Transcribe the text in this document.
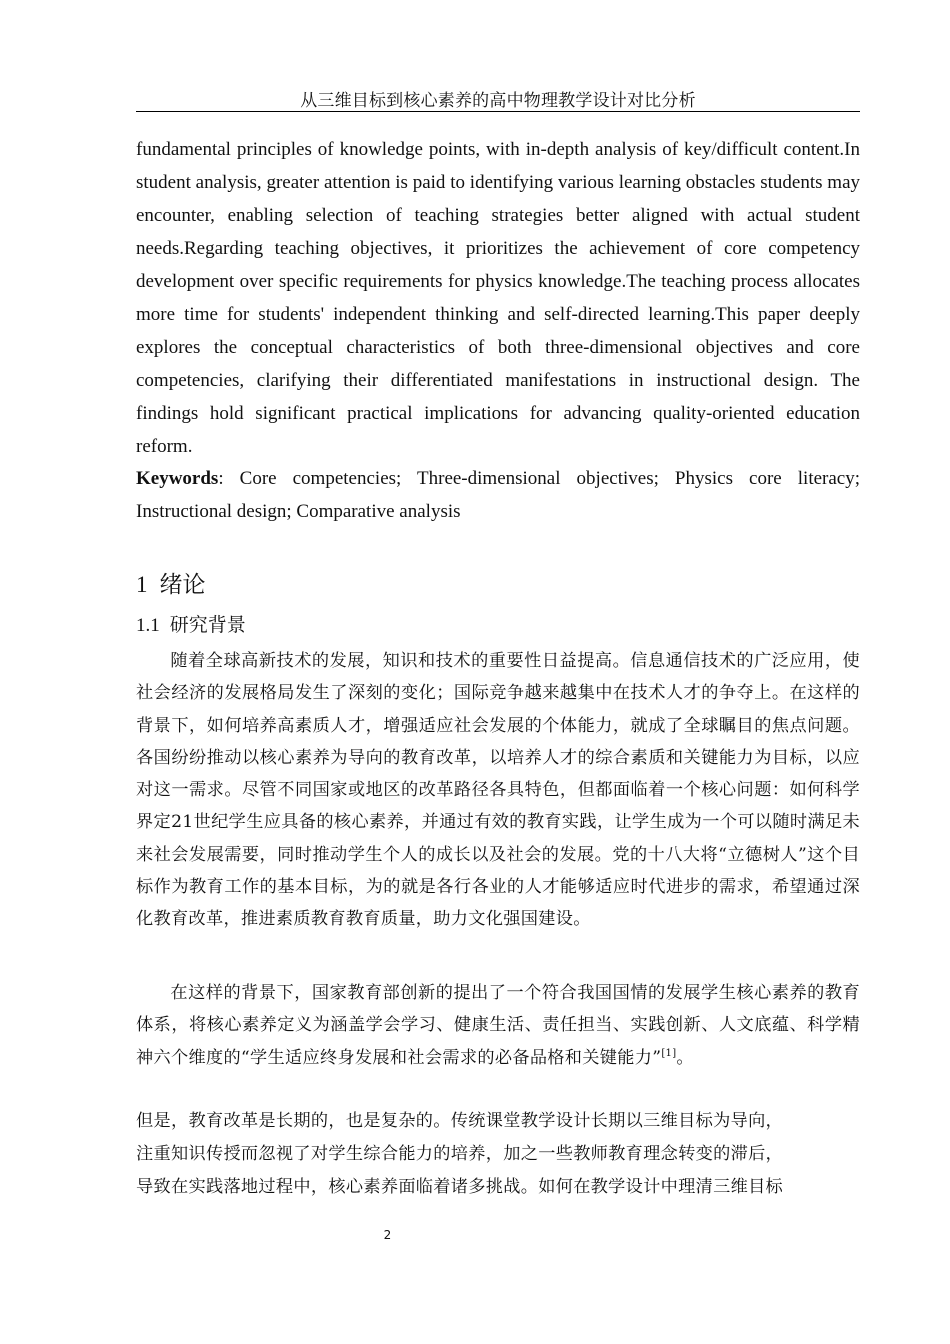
从三维目标到核心素养的高中物理教学设计对比分析

fundamental principles of knowledge points, with in-depth analysis of key/difficult content.In student analysis, greater attention is paid to identifying various learning obstacles students may encounter, enabling selection of teaching strategies better aligned with actual student needs.Regarding teaching objectives, it prioritizes the achievement of core competency development over specific requirements for physics knowledge.The teaching process allocates more time for students' independent thinking and self-directed learning.This paper deeply explores the conceptual characteristics of both three-dimensional objectives and core competencies, clarifying their differentiated manifestations in instructional design. The findings hold significant practical implications for advancing quality-oriented education reform.

Keywords: Core competencies; Three-dimensional objectives; Physics core literacy; Instructional design; Comparative analysis

1 绪论
1.1 研究背景

随着全球高新技术的发展，知识和技术的重要性日益提高。信息通信技术的广泛应用，使社会经济的发展格局发生了深刻的变化；国际竞争越来越集中在技术人才的争夺上。在这样的背景下，如何培养高素质人才，增强适应社会发展的个体能力，就成了全球瞩目的焦点问题。各国纷纷推动以核心素养为导向的教育改革，以培养人才的综合素质和关键能力为目标，以应对这一需求。尽管不同国家或地区的改革路径各具特色，但都面临着一个核心问题：如何科学界定21世纪学生应具备的核心素养，并通过有效的教育实践，让学生成为一个可以随时满足未来社会发展需要，同时推动学生个人的成长以及社会的发展。党的十八大将“立德树人”这个目标作为教育工作的基本目标，为的就是各行各业的人才能够适应时代进步的需求，希望通过深化教育改革，推进素质教育教育质量，助力文化强国建设。

在这样的背景下，国家教育部创新的提出了一个符合我国国情的发展学生核心素养的教育体系，将核心素养定义为涵盖学会学习、健康生活、责任担当、实践创新、人文底蕴、科学精神六个维度的“学生适应终身发展和社会需求的必备品格和关键能力”[1]。

但是，教育改革是长期的，也是复杂的。传统课堂教学设计长期以三维目标为导向，
注重知识传授而忽视了对学生综合能力的培养，加之一些教师教育理念转变的滞后，
导致在实践落地过程中，核心素养面临着诸多挑战。如何在教学设计中理清三维目标

2
